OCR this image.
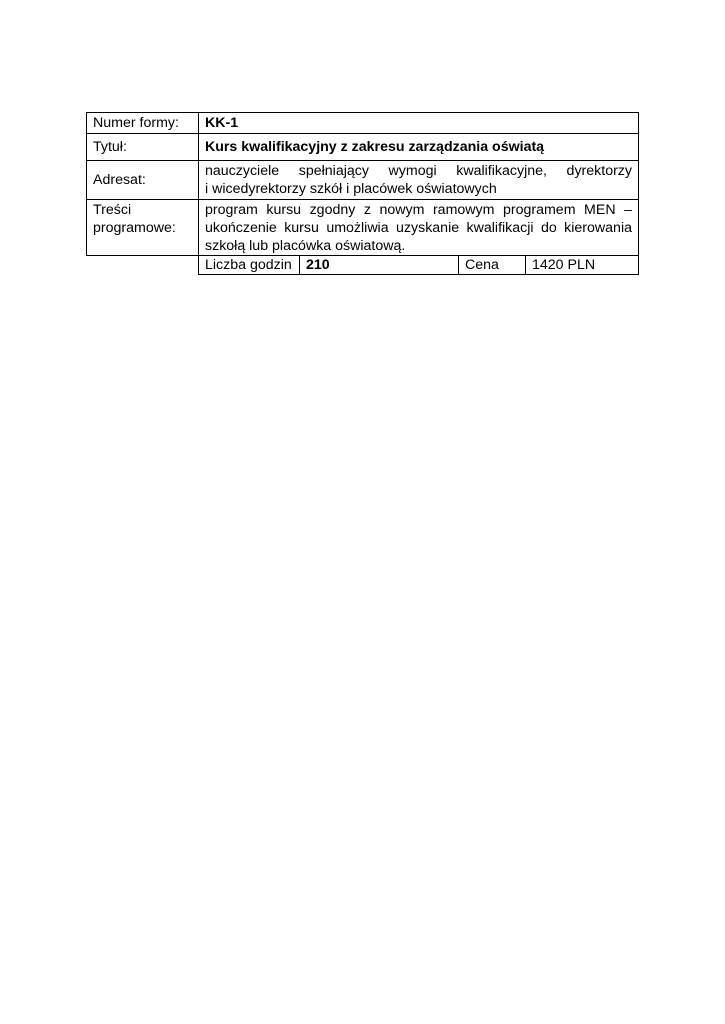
Numer formy:	KK-1
Tytuł:	Kurs kwalifikacyjny z zakresu zarządzania oświatą
Adresat:	
nauczyciele spełniający wymogi kwalifikacyjne, dyrektorzy
i wicedyrektorzy szkół i placówek oświatowych

Treści programowe:	program kursu zgodny z nowym ramowym programem MEN – ukończenie kursu umożliwia uzyskanie kwalifikacji do kierowania szkołą lub placówka oświatową.

Liczba godzin	210	Cena	1420 PLN
